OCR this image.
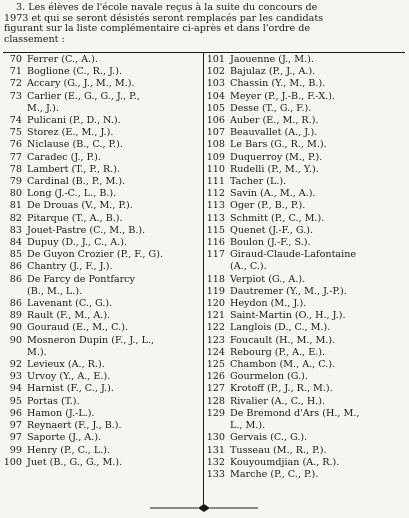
3. Les élèves de l'école navale reçus à la suite du concours de

1973 et qui se seront désistés seront remplacés par les candidats

figurant sur la liste complémentaire ci-après et dans l'ordre de

classement :

70 Ferrer (C., A.).
71 Boglione (C., R., J.).
72 Accary (G., J., M., M.).
73 Carlier (E., G., G., J., P.,
M., J.).
74 Pulicani (P., D., N.).
75 Storez (E., M., J.).
76 Niclause (B., C., P.).
77 Caradec (J., P.).
78 Lambert (T., P., R.).
79 Cardinal (B., P., M.).
80 Long (J.-C., L., B.).
81 De Drouas (V., M., P.).
82 Pitarque (T., A., B.).
83 Jouet-Pastre (C., M., B.).
84 Dupuy (D., J., C., A.).
85 De Guyon Crozier (P., F., G).
86 Chantry (J., F., J.).
86 De Farcy de Pontfarcy
(B., M., L.).
86 Lavenant (C., G.).
89 Rault (F., M., A.).
90 Gouraud (E., M., C.).
90 Mosneron Dupin (F., J., L.,
M.).
92 Levieux (A., R.).
93 Urvoy (Y., A., E.).
94 Harnist (F., C., J.).
95 Portas (T.).
96 Hamon (J.-L.).
97 Reynaert (F., J., B.).
97 Saporte (J., A.).
99 Henry (P., C., L.).
100 Juet (B., G., G., M.).
101 Jaouenne (J., M.).
102 Bajulaz (P., J., A.).
103 Chassin (Y., M., B.).
104 Meyer (P., J.-B., F.-X.).
105 Desse (T., G., F.).
106 Auber (E., M., R.).
107 Beauvallet (A., J.).
108 Le Bars (G., R., M.).
109 Duquerroy (M., P.).
110 Rudelli (P., M., Y.).
111 Tacher (L.).
112 Savin (A., M., A.).
113 Oger (P., B., P.).
113 Schmitt (P., C., M.).
115 Quenet (J.-F., G.).
116 Boulon (J.-F., S.).
117 Giraud-Claude-Lafontaine
(A., C.).
118 Verpiot (G., A.).
119 Dautremer (Y., M., J.-P.).
120 Heydon (M., J.).
121 Saint-Martin (O., H., J.).
122 Langlois (D., C., M.).
123 Foucault (H., M., M.).
124 Rebourg (P., A., E.).
125 Chambon (M., A., C.).
126 Gourmelon (G.).
127 Krotoff (P., J., R., M.).
128 Rivalier (A., C., H.).
129 De Bremond d'Ars (H., M.,
L., M.).
130 Gervais (C., G.).
131 Tusseau (M., R., P.).
132 Kouyoumdjian (A., R.).
133 Marche (P., C., P.).
